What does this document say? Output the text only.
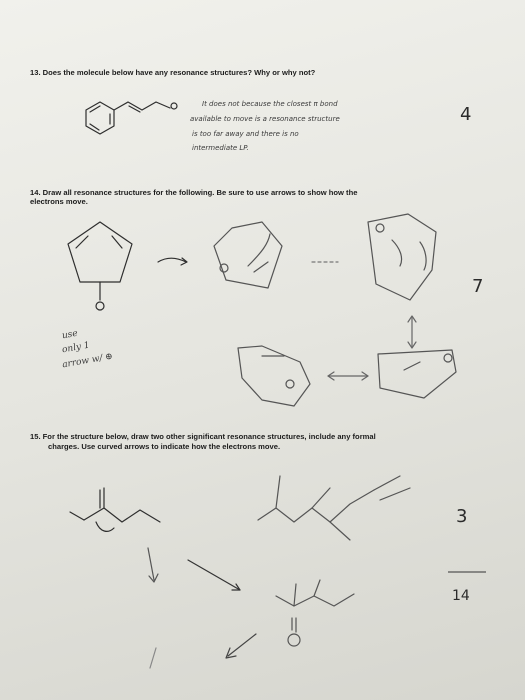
13. Does the molecule below have any resonance structures? Why or why not?
14. Draw all resonance structures for the following. Be sure to use arrows to show how the
electrons move.
15. For the structure below, draw two other significant resonance structures, include any formal
charges. Use curved arrows to indicate how the electrons move.
It does not because the closest π bond
available to move is a resonance structure
is too far away and there is no
intermediate LP.
use
only 1
arrow w/ ⊕
4
7
3
14
